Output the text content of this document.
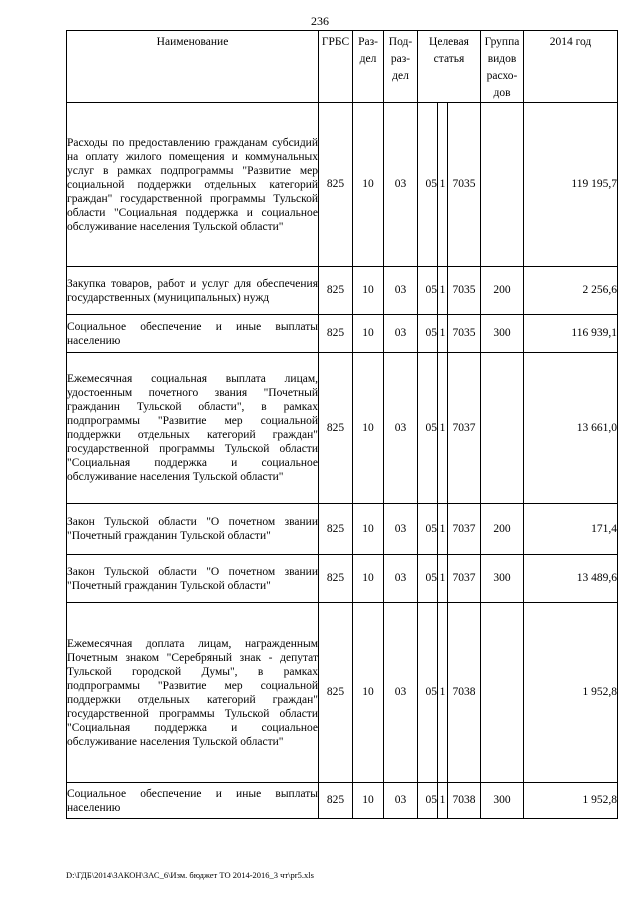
236
Наименование	ГРБС	Раз-дел	Под-раз-дел	Целевая статья			Группа видов расхо-дов	2014 год
Расходы по предоставлению гражданам субсидий на оплату жилого помещения и коммунальных услуг в рамках подпрограммы "Развитие мер социальной поддержки отдельных категорий граждан" государственной программы Тульской области "Социальная поддержка и социальное обслуживание населения Тульской области"	825	10	03	05	1	7035		119 195,7
Закупка товаров, работ и услуг для обеспечения государственных (муниципальных) нужд	825	10	03	05	1	7035	200	2 256,6
Социальное обеспечение и иные выплаты населению	825	10	03	05	1	7035	300	116 939,1
Ежемесячная социальная выплата лицам, удостоенным почетного звания "Почетный гражданин Тульской области", в рамках подпрограммы "Развитие мер социальной поддержки отдельных категорий граждан" государственной программы Тульской области "Социальная поддержка и социальное обслуживание населения Тульской области"	825	10	03	05	1	7037		13 661,0
Закон Тульской области "О почетном звании "Почетный гражданин Тульской области"	825	10	03	05	1	7037	200	171,4
Закон Тульской области "О почетном звании "Почетный гражданин Тульской области"	825	10	03	05	1	7037	300	13 489,6
Ежемесячная доплата лицам, награжденным Почетным знаком "Серебряный знак - депутат Тульской городской Думы", в рамках подпрограммы "Развитие мер социальной поддержки отдельных категорий граждан" государственной программы Тульской области "Социальная поддержка и социальное обслуживание населения Тульской области"	825	10	03	05	1	7038		1 952,8
Социальное обеспечение и иные выплаты населению	825	10	03	05	1	7038	300	1 952,8
D:\ГДБ\2014\ЗАКОН\ЗАС_6\Изм. бюджет ТО 2014-2016_3 чт\pr5.xls
